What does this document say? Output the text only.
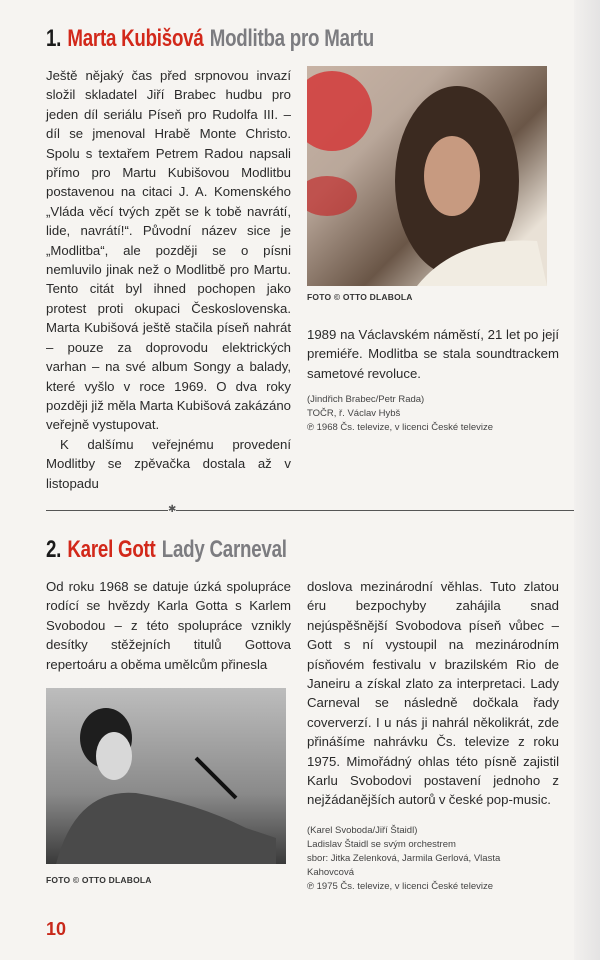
1. Marta Kubišová Modlitba pro Martu

Ještě nějaký čas před srpnovou invazí složil skladatel Jiří Brabec hudbu pro jeden díl seriálu Píseň pro Rudolfa III. – díl se jmenoval Hrabě Monte Christo. Spolu s textařem Petrem Radou napsali přímo pro Martu Kubišovou Modlitbu postavenou na citaci J. A. Komenského „Vláda věcí tvých zpět se k tobě navrátí, lide, navrátí!“. Původní název sice je „Modlitba“, ale později se o písni nemluvilo jinak než o Modlitbě pro Martu. Tento citát byl ihned pochopen jako protest proti okupaci Československa. Marta Kubišová ještě stačila píseň nahrát – pouze za doprovodu elektrických varhan – na své album Songy a balady, které vyšlo v roce 1969. O dva roky později již měla Marta Kubišová zakázáno veřejně vystupovat.

K dalšímu veřejnému provedení Modlitby se zpěvačka dostala až v listopadu

FOTO © OTTO DLABOLA

1989 na Václavském náměstí, 21 let po její premiéře. Modlitba se stala soundtrackem sametové revoluce.

(Jindřich Brabec/Petr Rada)
TOČR, ř. Václav Hybš
℗ 1968 Čs. televize, v licenci České televize
✱
2. Karel Gott Lady Carneval

Od roku 1968 se datuje úzká spolupráce rodící se hvězdy Karla Gotta s Karlem Svobodou – z této spolupráce vznikly desítky stěžejních titulů Gottova repertoáru a oběma umělcům přinesla

FOTO © OTTO DLABOLA

doslova mezinárodní věhlas. Tuto zlatou éru bezpochyby zahájila snad nejúspěšnější Svobodova píseň vůbec – Gott s ní vystoupil na mezinárodním písňovém festivalu v brazilském Rio de Janeiru a získal zlato za interpretaci. Lady Carneval se následně dočkala řady coververzí. I u nás ji nahrál několikrát, zde přinášíme nahrávku Čs. televize z roku 1975. Mimořádný ohlas této písně zajistil Karlu Svobodovi postavení jednoho z nejžádanějších autorů v české pop-music.

(Karel Svoboda/Jiří Štaidl)
Ladislav Štaidl se svým orchestrem
sbor: Jitka Zelenková, Jarmila Gerlová, Vlasta Kahovcová
℗ 1975 Čs. televize, v licenci České televize
10
